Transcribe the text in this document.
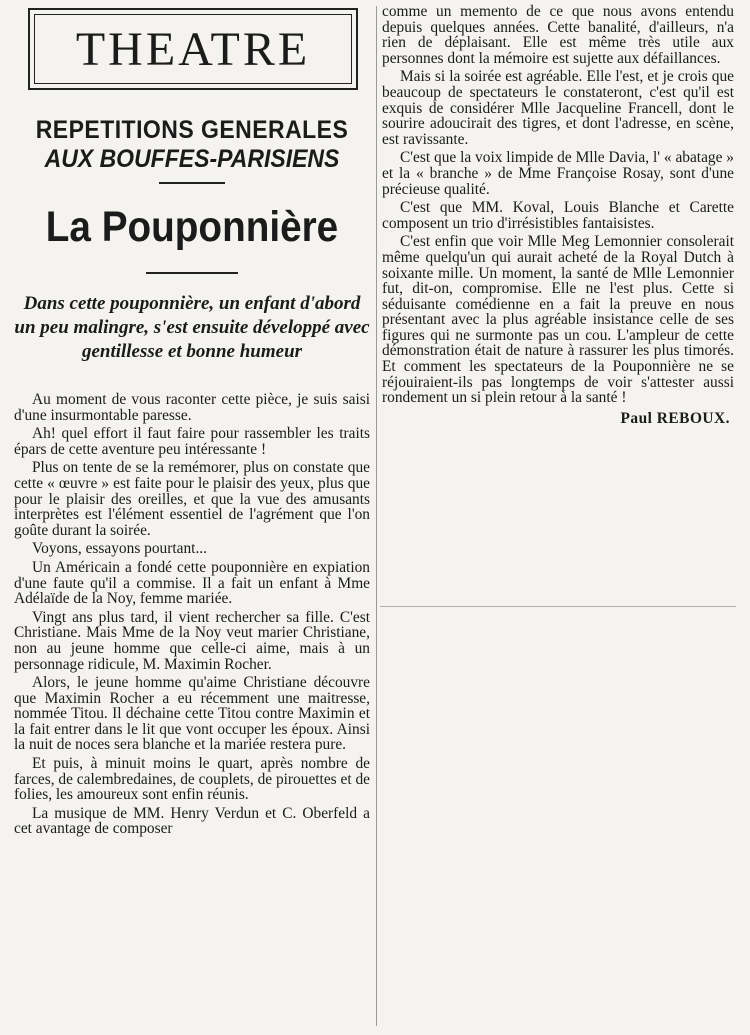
THEATRE
REPETITIONS GENERALES
AUX BOUFFES-PARISIENS
La Pouponnière
Dans cette pouponnière, un enfant d'abord un peu malingre, s'est ensuite développé avec gentillesse et bonne humeur

Au moment de vous raconter cette pièce, je suis saisi d'une insurmontable paresse.

Ah! quel effort il faut faire pour rassembler les traits épars de cette aventure peu intéressante !

Plus on tente de se la remémorer, plus on constate que cette « œuvre » est faite pour le plaisir des yeux, plus que pour le plaisir des oreilles, et que la vue des amusants interprètes est l'élément essentiel de l'agrément que l'on goûte durant la soirée.

Voyons, essayons pourtant...

Un Américain a fondé cette pouponnière en expiation d'une faute qu'il a commise. Il a fait un enfant à Mme Adélaïde de la Noy, femme mariée.

Vingt ans plus tard, il vient rechercher sa fille. C'est Christiane. Mais Mme de la Noy veut marier Christiane, non au jeune homme que celle-ci aime, mais à un personnage ridicule, M. Maximin Rocher.

Alors, le jeune homme qu'aime Christiane découvre que Maximin Rocher a eu récemment une maitresse, nommée Titou. Il déchaine cette Titou contre Maximin et la fait entrer dans le lit que vont occuper les époux. Ainsi la nuit de noces sera blanche et la mariée restera pure.

Et puis, à minuit moins le quart, après nombre de farces, de calembredaines, de couplets, de pirouettes et de folies, les amoureux sont enfin réunis.

La musique de MM. Henry Verdun et C. Oberfeld a cet avantage de composer

comme un memento de ce que nous avons entendu depuis quelques années. Cette banalité, d'ailleurs, n'a rien de déplaisant. Elle est même très utile aux personnes dont la mémoire est sujette aux défaillances.

Mais si la soirée est agréable. Elle l'est, et je crois que beaucoup de spectateurs le constateront, c'est qu'il est exquis de considérer Mlle Jacqueline Francell, dont le sourire adoucirait des tigres, et dont l'adresse, en scène, est ravissante.

C'est que la voix limpide de Mlle Davia, l' « abatage » et la « branche » de Mme Françoise Rosay, sont d'une précieuse qualité.

C'est que MM. Koval, Louis Blanche et Carette composent un trio d'irrésistibles fantaisistes.

C'est enfin que voir Mlle Meg Lemonnier consolerait même quelqu'un qui aurait acheté de la Royal Dutch à soixante mille. Un moment, la santé de Mlle Lemonnier fut, dit-on, compromise. Elle ne l'est plus. Cette si séduisante comédienne en a fait la preuve en nous présentant avec la plus agréable insistance celle de ses figures qui ne surmonte pas un cou. L'ampleur de cette démonstration était de nature à rassurer les plus timorés. Et comment les spectateurs de la Pouponnière ne se réjouiraient-ils pas longtemps de voir s'attester aussi rondement un si plein retour à la santé !

Paul REBOUX.
